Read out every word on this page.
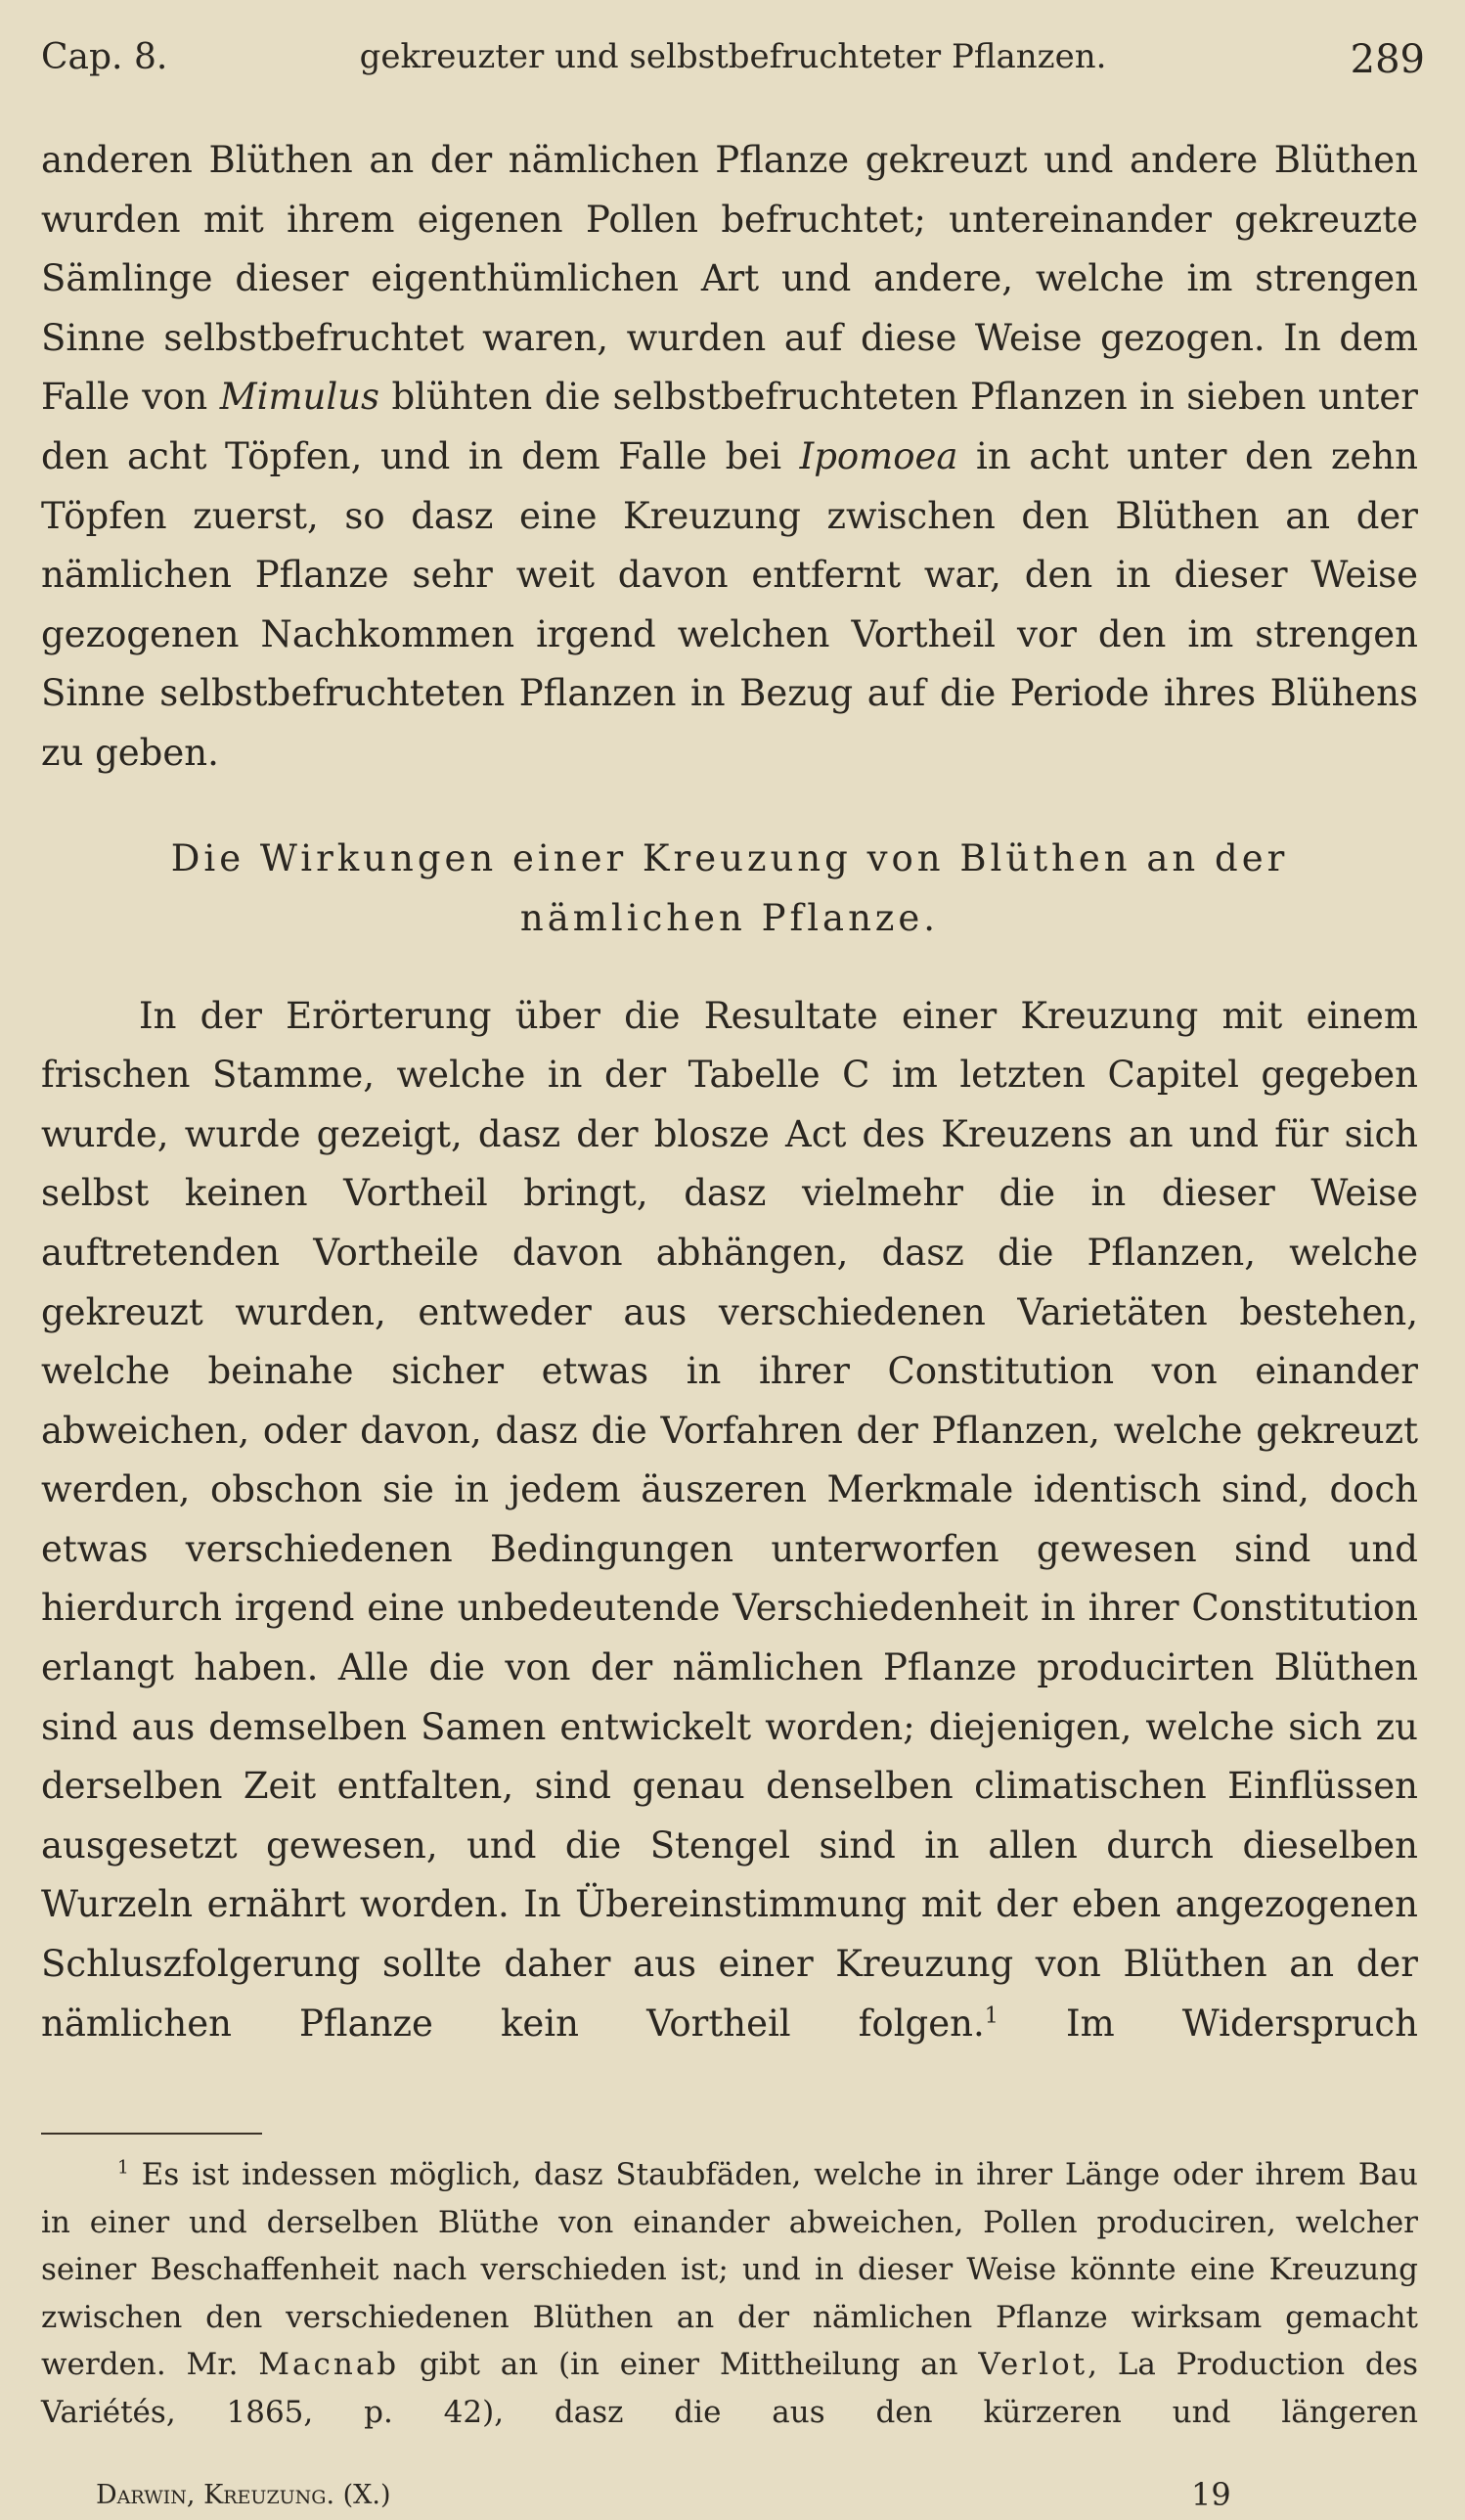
Cap. 8.	gekreuzter und selbstbefruchteter Pflanzen.	289

anderen Blüthen an der nämlichen Pflanze gekreuzt und andere Blüthen wurden mit ihrem eigenen Pollen befruchtet; untereinander gekreuzte Sämlinge dieser eigenthümlichen Art und andere, welche im strengen Sinne selbstbefruchtet waren, wurden auf diese Weise gezogen. In dem Falle von Mimulus blühten die selbstbefruchteten Pflanzen in sieben unter den acht Töpfen, und in dem Falle bei Ipomoea in acht unter den zehn Töpfen zuerst, so dasz eine Kreuzung zwischen den Blüthen an der nämlichen Pflanze sehr weit davon entfernt war, den in dieser Weise gezogenen Nachkommen irgend welchen Vortheil vor den im strengen Sinne selbstbefruchteten Pflanzen in Bezug auf die Periode ihres Blühens zu geben.

Die Wirkungen einer Kreuzung von Blüthen an der
nämlichen Pflanze.

In der Erörterung über die Resultate einer Kreuzung mit einem frischen Stamme, welche in der Tabelle C im letzten Capitel gegeben wurde, wurde gezeigt, dasz der blosze Act des Kreuzens an und für sich selbst keinen Vortheil bringt, dasz vielmehr die in dieser Weise auftretenden Vortheile davon abhängen, dasz die Pflanzen, welche gekreuzt wurden, entweder aus verschiedenen Varietäten bestehen, welche beinahe sicher etwas in ihrer Constitution von einander abweichen, oder davon, dasz die Vorfahren der Pflanzen, welche gekreuzt werden, obschon sie in jedem äuszeren Merkmale identisch sind, doch etwas verschiedenen Bedingungen unterworfen gewesen sind und hierdurch irgend eine unbedeutende Verschiedenheit in ihrer Constitution erlangt haben. Alle die von der nämlichen Pflanze producirten Blüthen sind aus demselben Samen entwickelt worden; diejenigen, welche sich zu derselben Zeit entfalten, sind genau denselben climatischen Einflüssen ausgesetzt gewesen, und die Stengel sind in allen durch dieselben Wurzeln ernährt worden. In Übereinstimmung mit der eben angezogenen Schluszfolgerung sollte daher aus einer Kreuzung von Blüthen an der nämlichen Pflanze kein Vortheil folgen.$^1$ Im Widerspruch

$^1$ Es ist indessen möglich, dasz Staubfäden, welche in ihrer Länge oder ihrem Bau in einer und derselben Blüthe von einander abweichen, Pollen produciren, welcher seiner Beschaffenheit nach verschieden ist; und in dieser Weise könnte eine Kreuzung zwischen den verschiedenen Blüthen an der nämlichen Pflanze wirksam gemacht werden. Mr. Macnab gibt an (in einer Mittheilung an Verlot, La Production des Variétés, 1865, p. 42), dasz die aus den kürzeren und längeren

Darwin, Kreuzung. (X.)	19
